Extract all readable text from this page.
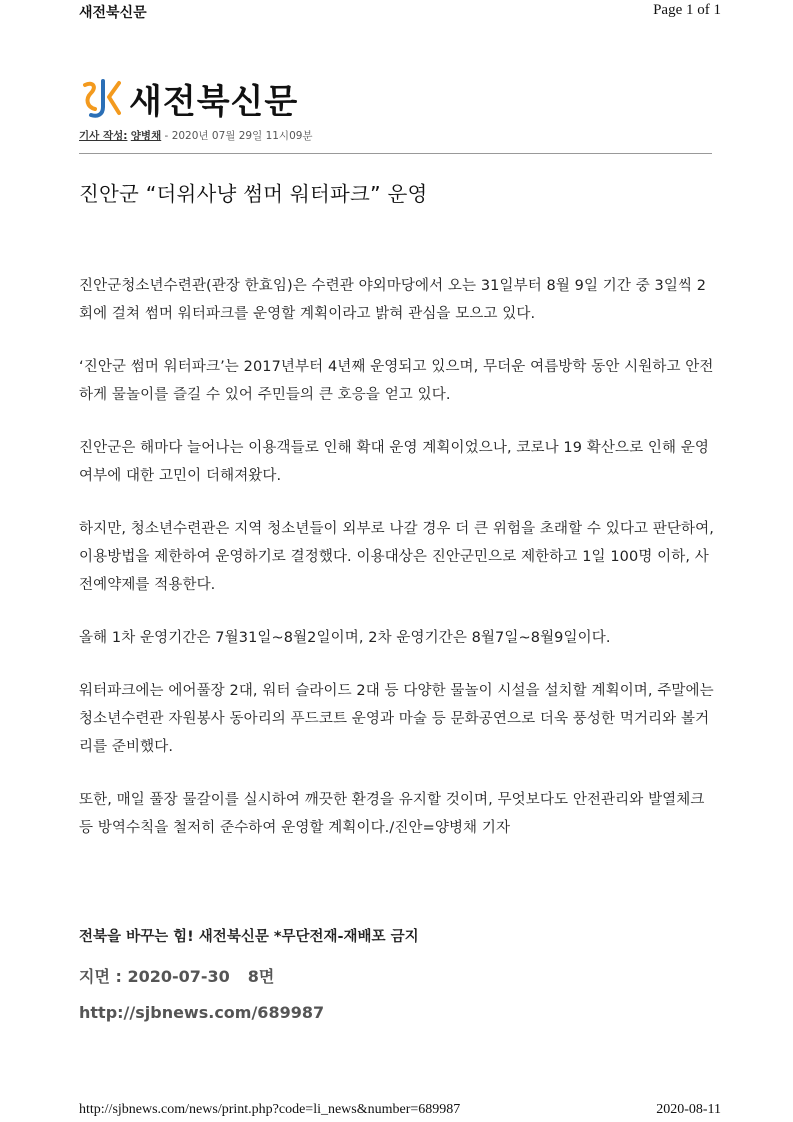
새전북신문	Page 1 of 1
새전북신문
기사 작성: 양병채 - 2020년 07월 29일 11시09분
진안군 “더위사냥 썸머 워터파크” 운영

진안군청소년수련관(관장 한효임)은 수련관 야외마당에서 오는 31일부터 8월 9일 기간 중 3일씩 2회에 걸쳐 썸머 워터파크를 운영할 계획이라고 밝혀 관심을 모으고 있다.

‘진안군 썸머 워터파크’는 2017년부터 4년째 운영되고 있으며, 무더운 여름방학 동안 시원하고 안전하게 물놀이를 즐길 수 있어 주민들의 큰 호응을 얻고 있다.

진안군은 해마다 늘어나는 이용객들로 인해 확대 운영 계획이었으나, 코로나 19 확산으로 인해 운영여부에 대한 고민이 더해져왔다.

하지만, 청소년수련관은 지역 청소년들이 외부로 나갈 경우 더 큰 위험을 초래할 수 있다고 판단하여, 이용방법을 제한하여 운영하기로 결정했다. 이용대상은 진안군민으로 제한하고 1일 100명 이하, 사전예약제를 적용한다.

올해 1차 운영기간은 7월31일~8월2일이며, 2차 운영기간은 8월7일~8월9일이다.

워터파크에는 에어풀장 2대, 워터 슬라이드 2대 등 다양한 물놀이 시설을 설치할 계획이며, 주말에는 청소년수련관 자원봉사 동아리의 푸드코트 운영과 마술 등 문화공연으로 더욱 풍성한 먹거리와 볼거리를 준비했다.

또한, 매일 풀장 물갈이를 실시하여 깨끗한 환경을 유지할 것이며, 무엇보다도 안전관리와 발열체크 등 방역수칙을 철저히 준수하여 운영할 계획이다./진안=양병채 기자

전북을 바꾸는 힘! 새전북신문 *무단전재-재배포 금지
지면 : 2020-07-30 8면
http://sjbnews.com/689987
http://sjbnews.com/news/print.php?code=li_news&number=689987	2020-08-11
